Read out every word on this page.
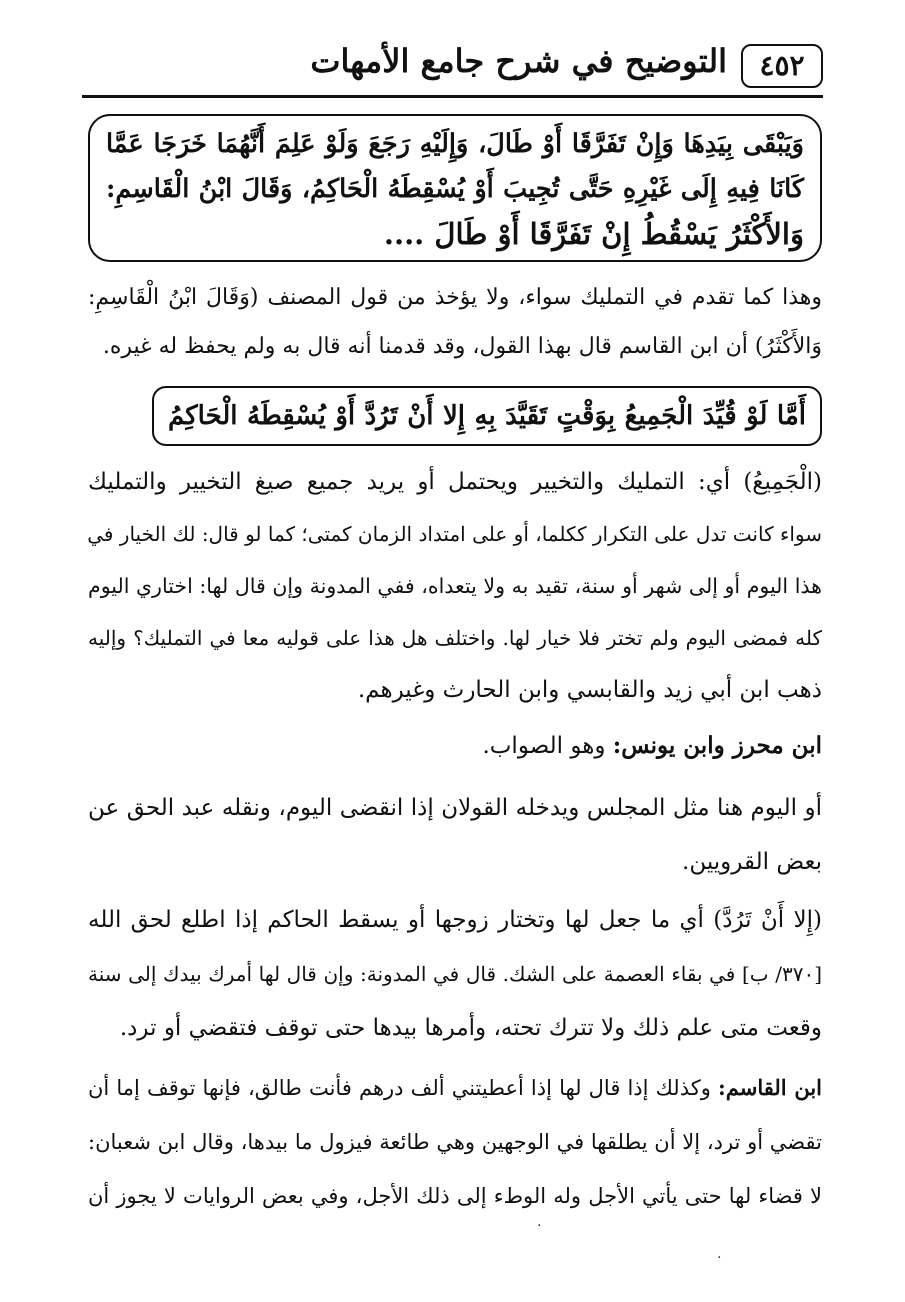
٤٥٢
التوضيح في شرح جامع الأمهات
وَيَبْقَى بِيَدِهَا وَإِنْ تَفَرَّقَا أَوْ طَالَ، وَإِلَيْهِ رَجَعَ وَلَوْ عَلِمَ أَنَّهُمَا خَرَجَا عَمَّا
كَانَا فِيهِ إِلَى غَيْرِهِ حَتَّى تُجِيبَ أَوْ يُسْقِطَهُ الْحَاكِمُ، وَقَالَ ابْنُ الْقَاسِمِ:
وَالأَكْثَرُ يَسْقُطُ إِنْ تَفَرَّقَا أَوْ طَالَ ....
وهذا كما تقدم في التمليك سواء، ولا يؤخذ من قول المصنف (وَقَالَ ابْنُ الْقَاسِمِ:
وَالأَكْثَرُ) أن ابن القاسم قال بهذا القول، وقد قدمنا أنه قال به ولم يحفظ له غيره.
أَمَّا لَوْ قُيِّدَ الْجَمِيعُ بِوَقْتٍ تَقَيَّدَ بِهِ إِلا أَنْ تَرُدَّ أَوْ يُسْقِطَهُ الْحَاكِمُ
(الْجَمِيعُ) أي: التمليك والتخيير ويحتمل أو يريد جميع صيغ التخيير والتمليك
سواء كانت تدل على التكرار ككلما، أو على امتداد الزمان كمتى؛ كما لو قال: لك الخيار في
هذا اليوم أو إلى شهر أو سنة، تقيد به ولا يتعداه، ففي المدونة وإن قال لها: اختاري اليوم
كله فمضى اليوم ولم تختر فلا خيار لها. واختلف هل هذا على قوليه معا في التمليك؟ وإليه
ذهب ابن أبي زيد والقابسي وابن الحارث وغيرهم.
ابن محرز وابن يونس: وهو الصواب.
أو اليوم هنا مثل المجلس ويدخله القولان إذا انقضى اليوم، ونقله عبد الحق عن
بعض القرويين.
(إِلا أَنْ تَرُدَّ) أي ما جعل لها وتختار زوجها أو يسقط الحاكم إذا اطلع لحق الله
[٣٧٠/ ب] في بقاء العصمة على الشك. قال في المدونة: وإن قال لها أمرك بيدك إلى سنة
وقعت متى علم ذلك ولا تترك تحته، وأمرها بيدها حتى توقف فتقضي أو ترد.
ابن القاسم: وكذلك إذا قال لها إذا أعطيتني ألف درهم فأنت طالق، فإنها توقف إما أن
تقضي أو ترد، إلا أن يطلقها في الوجهين وهي طائعة فيزول ما بيدها، وقال ابن شعبان:
لا قضاء لها حتى يأتي الأجل وله الوطء إلى ذلك الأجل، وفي بعض الروايات لا يجوز أن
·
·
